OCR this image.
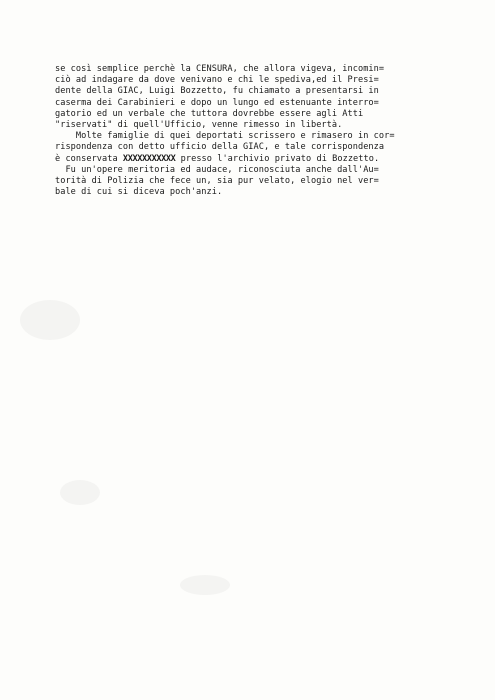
se così semplice perchè la CENSURA, che allora vigeva, incomin=
ciò ad indagare da dove venivano e chi le spediva,ed il Presi=
dente della GIAC, Luigi Bozzetto, fu chiamato a presentarsi in
caserma dei Carabinieri e dopo un lungo ed estenuante interro=
gatorio ed un verbale che tuttora dovrebbe essere agli Atti
"riservati" di quell'Ufficio, venne rimesso in libertà.
Molte famiglie di quei deportati scrissero e rimasero in cor=
rispondenza con detto ufficio della GIAC, e tale corrispondenza
è conservata XXXXXXXXXXX presso l'archivio privato di Bozzetto.
Fu un'opere meritoria ed audace, riconosciuta anche dall'Au=
torità di Polizia che fece un, sia pur velato, elogio nel ver=
bale di cui si diceva poch'anzi.
